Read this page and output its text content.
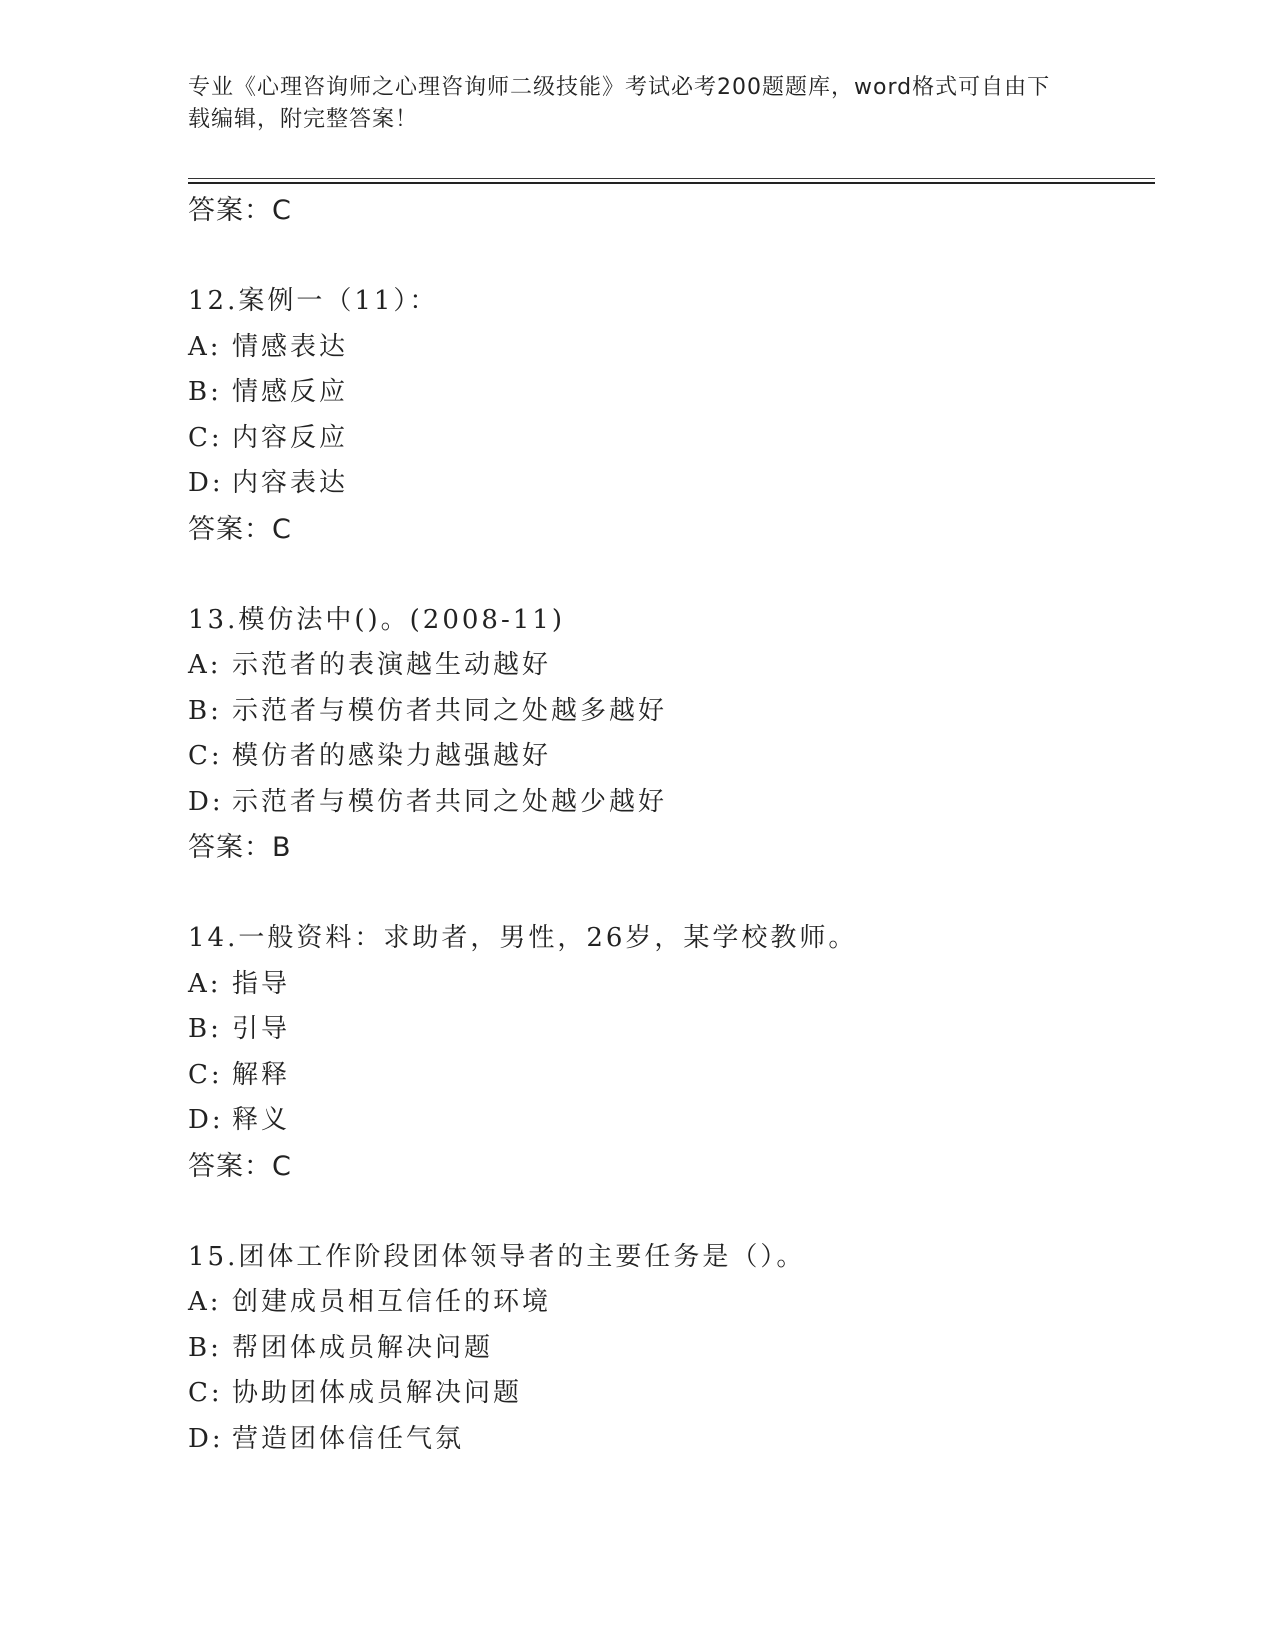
专业《心理咨询师之心理咨询师二级技能》考试必考200题题库，word格式可自由下载编辑，附完整答案！
答案：C
12.案例一（11）：
A: 情感表达
B: 情感反应
C: 内容反应
D: 内容表达
答案：C
13.模仿法中()。(2008-11)
A: 示范者的表演越生动越好
B: 示范者与模仿者共同之处越多越好
C: 模仿者的感染力越强越好
D: 示范者与模仿者共同之处越少越好
答案：B
14.一般资料：求助者，男性，26岁，某学校教师。
A: 指导
B: 引导
C: 解释
D: 释义
答案：C
15.团体工作阶段团体领导者的主要任务是（）。
A: 创建成员相互信任的环境
B: 帮团体成员解决问题
C: 协助团体成员解决问题
D: 营造团体信任气氛
